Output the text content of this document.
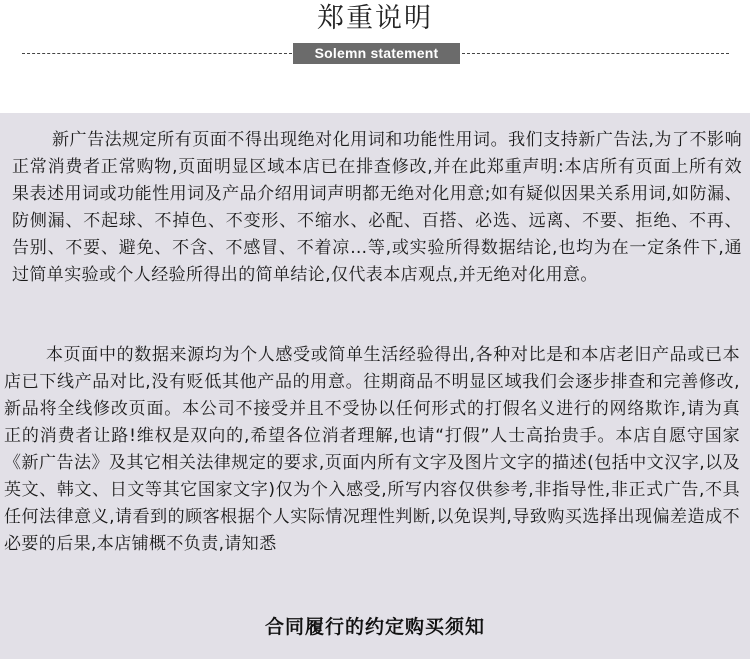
郑重说明
Solemn statement

新广告法规定所有页面不得出现绝对化用词和功能性用词。我们支持新广告法,为了不影响正常消费者正常购物,页面明显区域本店已在排查修改,并在此郑重声明:本店所有页面上所有效果表述用词或功能性用词及产品介绍用词声明都无绝对化用意;如有疑似因果关系用词,如防漏、防侧漏、不起球、不掉色、不变形、不缩水、必配、百搭、必选、远离、不要、拒绝、不再、告别、不要、避免、不含、不感冒、不着凉…等,或实验所得数据结论,也均为在一定条件下,通过简单实验或个人经验所得出的简单结论,仅代表本店观点,并无绝对化用意。

本页面中的数据来源均为个人感受或简单生活经验得出,各种对比是和本店老旧产品或已本店已下线产品对比,没有贬低其他产品的用意。往期商品不明显区域我们会逐步排查和完善修改,新品将全线修改页面。本公司不接受并且不受协以任何形式的打假名义进行的网络欺诈,请为真正的消费者让路!维权是双向的,希望各位消者理解,也请“打假”人士高抬贵手。本店自愿守国家《新广告法》及其它相关法律规定的要求,页面内所有文字及图片文字的描述(包括中文汉字,以及英文、韩文、日文等其它国家文字)仅为个入感受,所写内容仅供参考,非指导性,非正式广告,不具任何法律意义,请看到的顾客根据个人实际情况理性判断,以免误判,导致购买选择出现偏差造成不必要的后果,本店铺概不负责,请知悉

合同履行的约定购买须知
